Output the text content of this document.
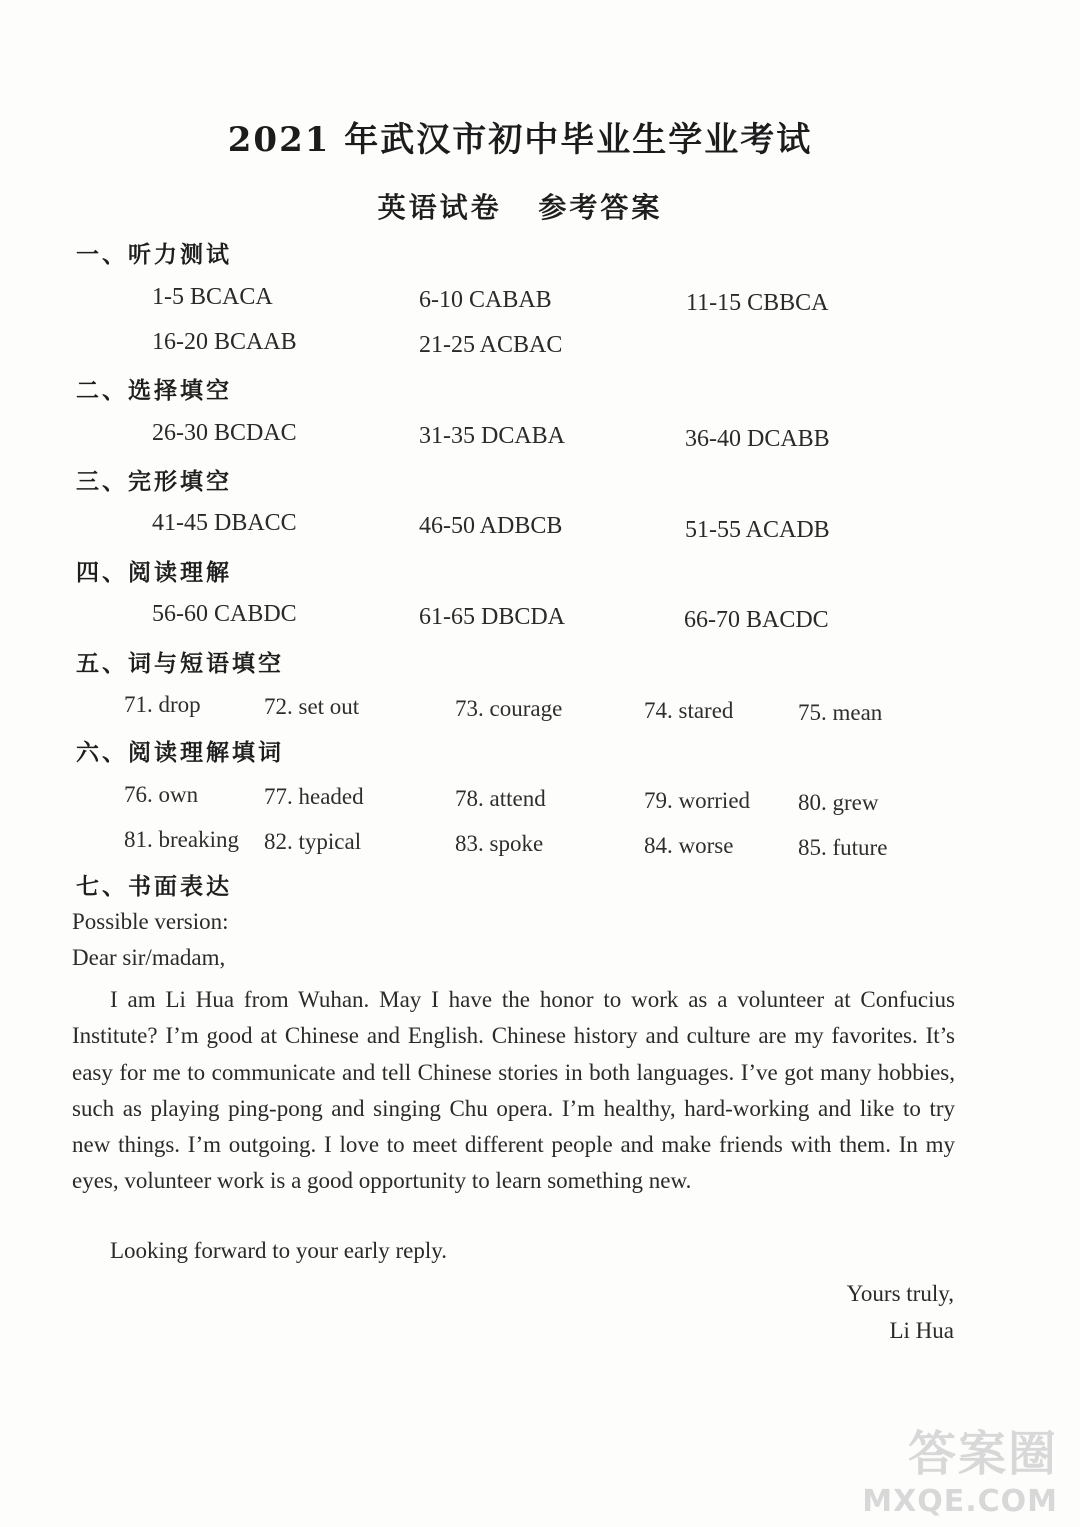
2021 年武汉市初中毕业生学业考试
英语试卷 参考答案
一、听力测试
1-5 BCACA	6-10 CABAB	11-15 CBBCA
16-20 BCAAB	21-25 ACBAC
二、选择填空
26-30 BCDAC	31-35 DCABA	36-40 DCABB
三、完形填空
41-45 DBACC	46-50 ADBCB	51-55 ACADB
四、阅读理解
56-60 CABDC	61-65 DBCDA	66-70 BACDC
五、词与短语填空
71. drop	72. set out	73. courage	74. stared	75. mean
六、阅读理解填词
76. own	77. headed	78. attend	79. worried 80. grew
81. breaking 82. typical	83. spoke	84. worse	85. future
七、书面表达
Possible version:
Dear sir/madam,
I am Li Hua from Wuhan. May I have the honor to work as a volunteer at Confucius Institute? I’m good at Chinese and English. Chinese history and culture are my favorites. It’s easy for me to communicate and tell Chinese stories in both languages. I’ve got many hobbies, such as playing ping-pong and singing Chu opera. I’m healthy, hard-working and like to try new things. I’m outgoing. I love to meet different people and make friends with them. In my eyes, volunteer work is a good opportunity to learn something new.
Looking forward to your early reply.
Yours truly,
Li Hua
答案圈
MXQE.COM
